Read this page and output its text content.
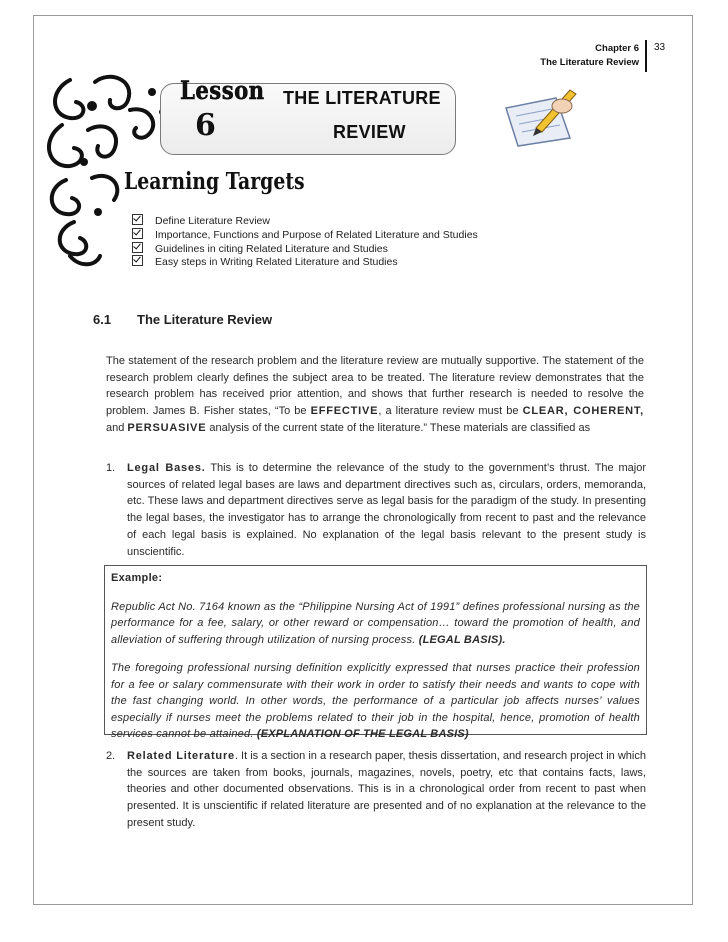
Chapter 6
The Literature Review
33
Lesson
6
THE LITERATURE
REVIEW
Learning Targets
Define Literature Review
Importance, Functions and Purpose of Related Literature and Studies
Guidelines in citing Related Literature and Studies
Easy steps in Writing Related Literature and Studies
6.1 The Literature Review
The statement of the research problem and the literature review are mutually supportive. The statement of the research problem clearly defines the subject area to be treated. The literature review demonstrates that the research problem has received prior attention, and shows that further research is needed to resolve the problem. James B. Fisher states, “To be EFFECTIVE, a literature review must be CLEAR, COHERENT, and PERSUASIVE analysis of the current state of the literature.” These materials are classified as
1.	Legal Bases. This is to determine the relevance of the study to the government’s thrust. The major sources of related legal bases are laws and department directives such as, circulars, orders, memoranda, etc. These laws and department directives serve as legal basis for the paradigm of the study. In presenting the legal bases, the investigator has to arrange the chronologically from recent to past and the relevance of each legal basis is explained. No explanation of the legal basis relevant to the present study is unscientific.
Example:

Republic Act No. 7164 known as the “Philippine Nursing Act of 1991” defines professional nursing as the performance for a fee, salary, or other reward or compensation… toward the promotion of health, and alleviation of suffering through utilization of nursing process. (LEGAL BASIS).

The foregoing professional nursing definition explicitly expressed that nurses practice their profession for a fee or salary commensurate with their work in order to satisfy their needs and wants to cope with the fast changing world. In other words, the performance of a particular job affects nurses’ values especially if nurses meet the problems related to their job in the hospital, hence, promotion of health services cannot be attained. (EXPLANATION OF THE LEGAL BASIS)

2.	Related Literature. It is a section in a research paper, thesis dissertation, and research project in which the sources are taken from books, journals, magazines, novels, poetry, etc that contains facts, laws, theories and other documented observations. This is in a chronological order from recent to past when presented. It is unscientific if related literature are presented and of no explanation at the relevance to the present study.
